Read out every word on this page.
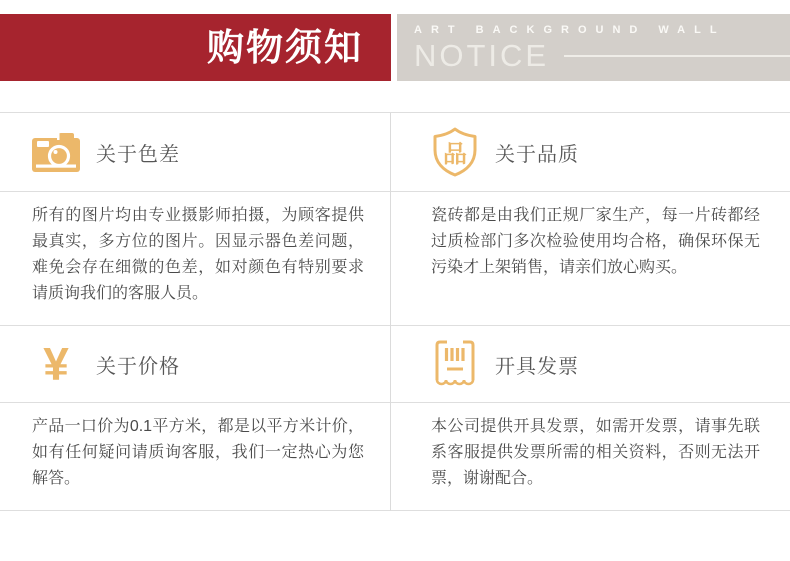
购物须知	ART BACKGROUND WALL
NOTICE
关于色差

所有的图片均由专业摄影师拍摄，为顾客提供最真实，多方位的图片。因显示器色差问题，难免会存在细微的色差，如对颜色有特别要求请质询我们的客服人员。

¥	关于价格

产品一口价为0.1平方米，都是以平方米计价，如有任何疑问请质询客服，我们一定热心为您解答。

品 关于品质

瓷砖都是由我们正规厂家生产，每一片砖都经过质检部门多次检验使用均合格，确保环保无污染才上架销售，请亲们放心购买。

开具发票

本公司提供开具发票，如需开发票，请事先联系客服提供发票所需的相关资料，否则无法开票，谢谢配合。
